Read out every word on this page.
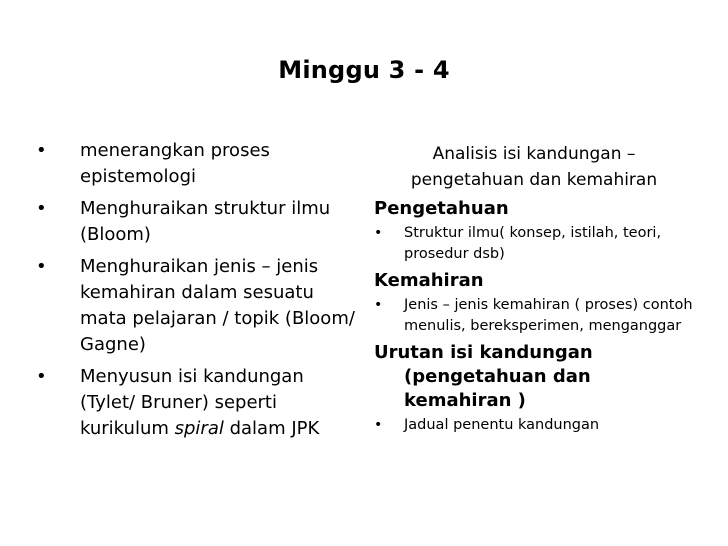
Minggu 3 - 4
• menerangkan proses epistemologi
• Menghuraikan struktur ilmu (Bloom)
• Menghuraikan jenis – jenis kemahiran dalam sesuatu mata pelajaran / topik (Bloom/ Gagne)
• Menyusun isi kandungan (Tylet/ Bruner) seperti kurikulum spiral dalam JPK
Analisis isi kandungan – pengetahuan dan kemahiran
Pengetahuan
• Struktur ilmu( konsep, istilah, teori, prosedur dsb)
Kemahiran
• Jenis – jenis kemahiran ( proses) contoh menulis, bereksperimen, menganggar
Urutan isi kandungan (pengetahuan dan kemahiran )
• Jadual penentu kandungan
